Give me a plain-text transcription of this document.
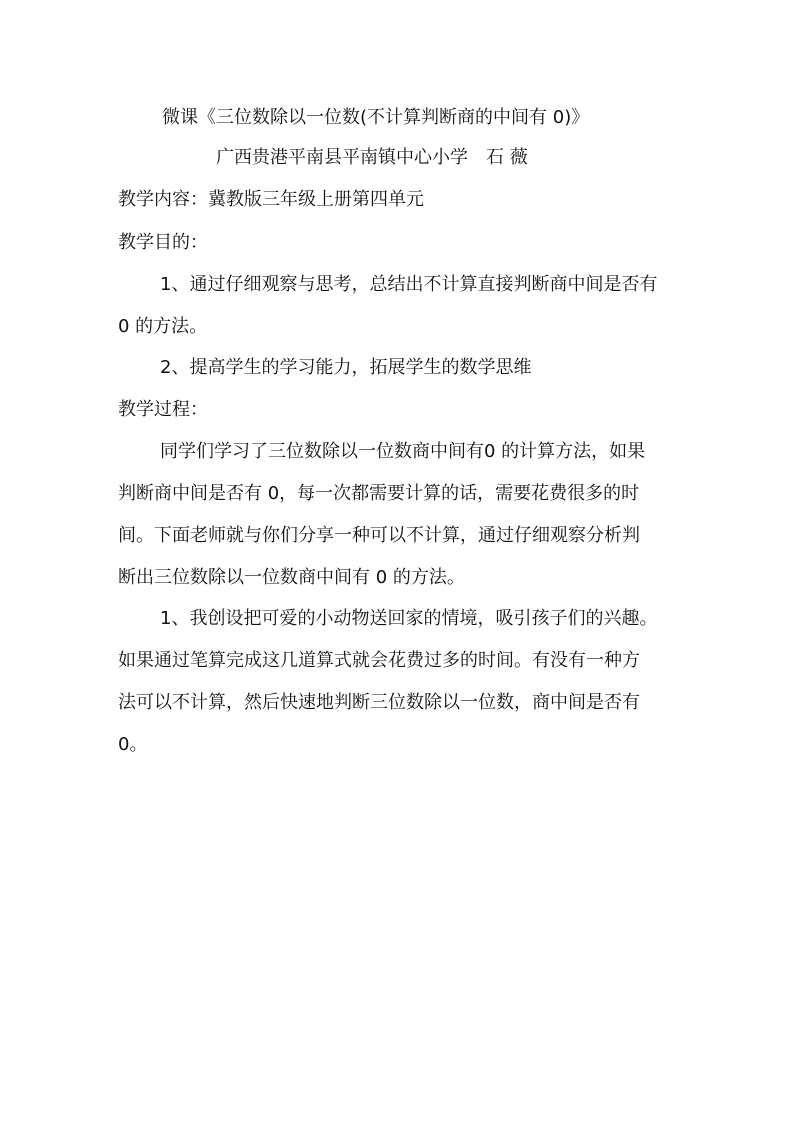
微课《三位数除以一位数(不计算判断商的中间有 0)》
广西贵港平南县平南镇中心小学　石 薇
教学内容：冀教版三年级上册第四单元
教学目的：
1、通过仔细观察与思考，总结出不计算直接判断商中间是否有
0 的方法。
2、提高学生的学习能力，拓展学生的数学思维
教学过程：
同学们学习了三位数除以一位数商中间有0 的计算方法，如果
判断商中间是否有 0，每一次都需要计算的话，需要花费很多的时
间。下面老师就与你们分享一种可以不计算，通过仔细观察分析判
断出三位数除以一位数商中间有 0 的方法。
1、我创设把可爱的小动物送回家的情境，吸引孩子们的兴趣。
如果通过笔算完成这几道算式就会花费过多的时间。有没有一种方
法可以不计算，然后快速地判断三位数除以一位数，商中间是否有
0。
